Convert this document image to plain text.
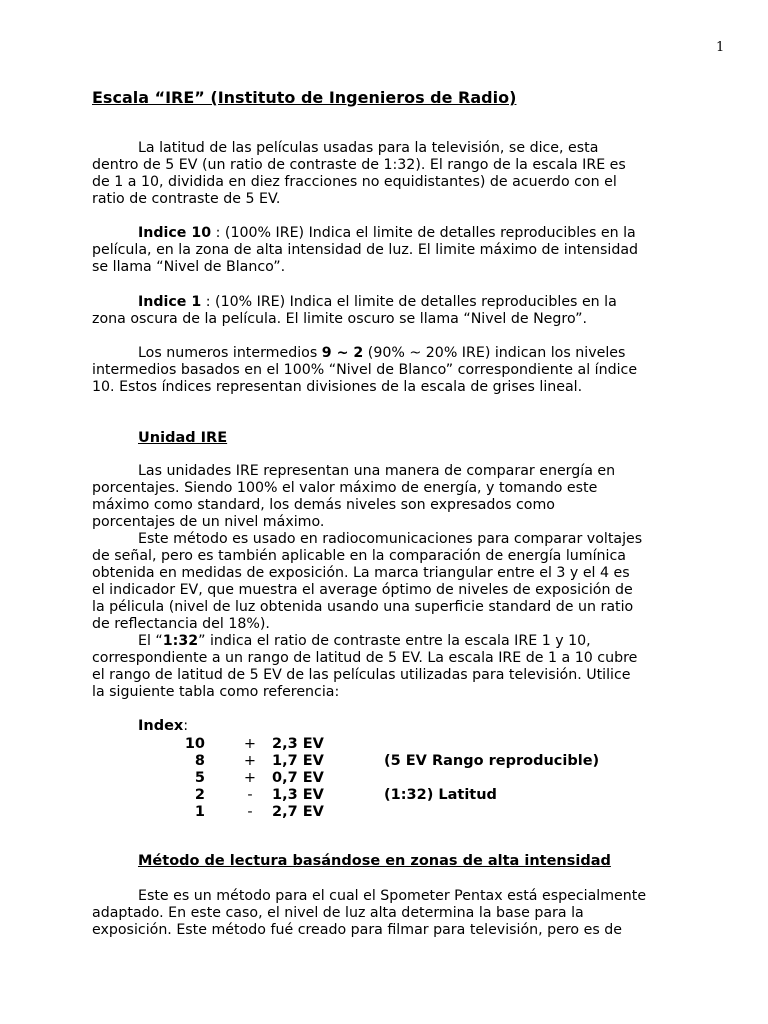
1
Escala “IRE” (Instituto de Ingenieros de Radio)
La latitud de las películas usadas para la televisión, se dice, esta
dentro de 5 EV (un ratio de contraste de 1:32). El rango de la escala IRE es
de 1 a 10, dividida en diez fracciones no equidistantes) de acuerdo con el
ratio de contraste de 5 EV.
Indice 10 : (100% IRE) Indica el limite de detalles reproducibles en la
película, en la zona de alta intensidad de luz. El limite máximo de intensidad
se llama “Nivel de Blanco”.
Indice 1 : (10% IRE) Indica el limite de detalles reproducibles en la
zona oscura de la película. El limite oscuro se llama “Nivel de Negro”.
Los numeros intermedios 9 ~ 2 (90% ~ 20% IRE) indican los niveles
intermedios basados en el 100% “Nivel de Blanco” correspondiente al índice
10. Estos índices representan divisiones de la escala de grises lineal.
Unidad IRE
Las unidades IRE representan una manera de comparar energía en
porcentajes. Siendo 100% el valor máximo de energía, y tomando este
máximo como standard, los demás niveles son expresados como
porcentajes de un nivel máximo.
Este método es usado en radiocomunicaciones para comparar voltajes
de señal, pero es también aplicable en la comparación de energía lumínica
obtenida en medidas de exposición. La marca triangular entre el 3 y el 4 es
el indicador EV, que muestra el average óptimo de niveles de exposición de
la pélicula (nivel de luz obtenida usando una superficie standard de un ratio
de reflectancia del 18%).
El “1:32” indica el ratio de contraste entre la escala IRE 1 y 10,
correspondiente a un rango de latitud de 5 EV. La escala IRE de 1 a 10 cubre
el rango de latitud de 5 EV de las películas utilizadas para televisión. Utilice
la siguiente tabla como referencia:
Index:
10	+ 2,3 EV
8	+ 1,7 EV	(5 EV Rango reproducible)
5	+ 0,7 EV
2	-	1,3 EV	(1:32) Latitud
1	-	2,7 EV
Método de lectura basándose en zonas de alta intensidad
Este es un método para el cual el Spometer Pentax está especialmente
adaptado. En este caso, el nivel de luz alta determina la base para la
exposición. Este método fué creado para filmar para televisión, pero es de
